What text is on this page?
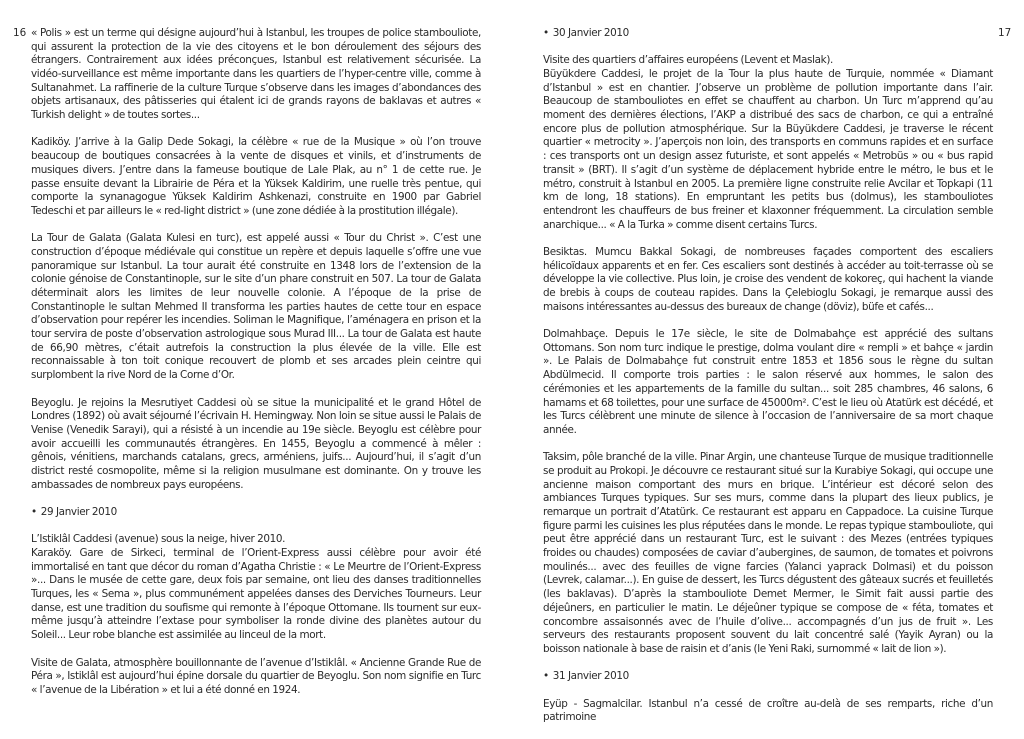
16 « Polis » est un terme qui désigne aujourd’hui à Istanbul, les troupes de police stambouliote, qui assurent la protection de la vie des citoyens et le bon déroulement des séjours des étrangers. Contrairement aux idées préconçues, Istanbul est relativement sécurisée. La vidéo-surveillance est même importante dans les quartiers de l’hyper-centre ville, comme à Sultanahmet. La raffinerie de la culture Turque s’observe dans les images d’abondances des objets artisanaux, des pâtisseries qui étalent ici de grands rayons de baklavas et autres « Turkish delight » de toutes sortes...

Kadiköy. J’arrive à la Galip Dede Sokagi, la célèbre « rue de la Musique » où l’on trouve beaucoup de boutiques consacrées à la vente de disques et vinils, et d’instruments de musiques divers. J’entre dans la fameuse boutique de Lale Plak, au n° 1 de cette rue. Je passe ensuite devant la Librairie de Péra et la Yüksek Kaldirim, une ruelle très pentue, qui comporte la synanagogue Yüksek Kaldirim Ashkenazi, construite en 1900 par Gabriel Tedeschi et par ailleurs le « red-light district » (une zone dédiée à la prostitution illégale).

La Tour de Galata (Galata Kulesi en turc), est appelé aussi « Tour du Christ ». C’est une construction d’époque médiévale qui constitue un repère et depuis laquelle s’offre une vue panoramique sur Istanbul. La tour aurait été construite en 1348 lors de l’extension de la colonie génoise de Constantinople, sur le site d’un phare construit en 507. La tour de Galata déterminait alors les limites de leur nouvelle colonie. A l’époque de la prise de Constantinople le sultan Mehmed II transforma les parties hautes de cette tour en espace d’observation pour repérer les incendies. Soliman le Magnifique, l’aménagera en prison et la tour servira de poste d’observation astrologique sous Murad III... La tour de Galata est haute de 66,90 mètres, c’était autrefois la construction la plus élevée de la ville. Elle est reconnaissable à ton toit conique recouvert de plomb et ses arcades plein ceintre qui surplombent la rive Nord de la Corne d’Or.

Beyoglu. Je rejoins la Mesrutiyet Caddesi où se situe la municipalité et le grand Hôtel de Londres (1892) où avait séjourné l’écrivain H. Hemingway. Non loin se situe aussi le Palais de Venise (Venedik Sarayi), qui a résisté à un incendie au 19e siècle. Beyoglu est célèbre pour avoir accueilli les communautés étrangères. En 1455, Beyoglu a commencé à mêler : gênois, vénitiens, marchands catalans, grecs, arméniens, juifs... Aujourd’hui, il s’agit d’un district resté cosmopolite, même si la religion musulmane est dominante. On y trouve les ambassades de nombreux pays européens.

• 29 Janvier 2010

L’Istiklâl Caddesi (avenue) sous la neige, hiver 2010.

Karaköy. Gare de Sirkeci, terminal de l’Orient-Express aussi célèbre pour avoir été immortalisé en tant que décor du roman d’Agatha Christie : « Le Meurtre de l’Orient-Express »... Dans le musée de cette gare, deux fois par semaine, ont lieu des danses traditionnelles Turques, les « Sema », plus communément appelées danses des Derviches Tourneurs. Leur danse, est une tradition du soufisme qui remonte à l’époque Ottomane. Ils tournent sur eux-même jusqu’à atteindre l’extase pour symboliser la ronde divine des planètes autour du Soleil... Leur robe blanche est assimilée au linceul de la mort.

Visite de Galata, atmosphère bouillonnante de l’avenue d’Istiklâl. « Ancienne Grande Rue de Péra », Istiklâl est aujourd’hui épine dorsale du quartier de Beyoglu. Son nom signifie en Turc « l’avenue de la Libération » et lui a été donné en 1924.

• 30 Janvier 2010

Visite des quartiers d’affaires européens (Levent et Maslak).

Büyükdere Caddesi, le projet de la Tour la plus haute de Turquie, nommée « Diamant d’Istanbul » est en chantier. J’observe un problème de pollution importante dans l’air. Beaucoup de stambouliotes en effet se chauffent au charbon. Un Turc m’apprend qu’au moment des dernières élections, l’AKP a distribué des sacs de charbon, ce qui a entraîné encore plus de pollution atmosphérique. Sur la Büyükdere Caddesi, je traverse le récent quartier « metrocity ». J’aperçois non loin, des transports en communs rapides et en surface : ces transports ont un design assez futuriste, et sont appelés « Metrobüs » ou « bus rapid transit » (BRT). Il s’agit d’un système de déplacement hybride entre le métro, le bus et le métro, construit à Istanbul en 2005. La première ligne construite relie Avcilar et Topkapi (11 km de long, 18 stations). En empruntant les petits bus (dolmus), les stambouliotes entendront les chauffeurs de bus freiner et klaxonner fréquemment. La circulation semble anarchique... « A la Turka » comme disent certains Turcs.

Besiktas. Mumcu Bakkal Sokagi, de nombreuses façades comportent des escaliers hélicoïdaux apparents et en fer. Ces escaliers sont destinés à accéder au toit-terrasse où se développe la vie collective. Plus loin, je croise des vendent de kokoreç, qui hachent la viande de brebis à coups de couteau rapides. Dans la Çelebioglu Sokagi, je remarque aussi des maisons intéressantes au-dessus des bureaux de change (döviz), büfe et cafés...

Dolmahbaçe. Depuis le 17e siècle, le site de Dolmabahçe est apprécié des sultans Ottomans. Son nom turc indique le prestige, dolma voulant dire « rempli » et bahçe « jardin ». Le Palais de Dolmabahçe fut construit entre 1853 et 1856 sous le règne du sultan Abdülmecid. Il comporte trois parties : le salon réservé aux hommes, le salon des cérémonies et les appartements de la famille du sultan... soit 285 chambres, 46 salons, 6 hamams et 68 toilettes, pour une surface de 45000m². C’est le lieu où Atatürk est décédé, et les Turcs célèbrent une minute de silence à l’occasion de l’anniversaire de sa mort chaque année.

Taksim, pôle branché de la ville. Pinar Argin, une chanteuse Turque de musique traditionnelle se produit au Prokopi. Je découvre ce restaurant situé sur la Kurabiye Sokagi, qui occupe une ancienne maison comportant des murs en brique. L’intérieur est décoré selon des ambiances Turques typiques. Sur ses murs, comme dans la plupart des lieux publics, je remarque un portrait d’Atatürk. Ce restaurant est apparu en Cappadoce. La cuisine Turque figure parmi les cuisines les plus réputées dans le monde. Le repas typique stambouliote, qui peut être apprécié dans un restaurant Turc, est le suivant : des Mezes (entrées typiques froides ou chaudes) composées de caviar d’aubergines, de saumon, de tomates et poivrons moulinés... avec des feuilles de vigne farcies (Yalanci yaprack Dolmasi) et du poisson (Levrek, calamar...). En guise de dessert, les Turcs dégustent des gâteaux sucrés et feuilletés (les baklavas). D’après la stambouliote Demet Mermer, le Simit fait aussi partie des déjeûners, en particulier le matin. Le déjeûner typique se compose de « féta, tomates et concombre assaisonnés avec de l’huile d’olive... accompagnés d’un jus de fruit ». Les serveurs des restaurants proposent souvent du lait concentré salé (Yayik Ayran) ou la boisson nationale à base de raisin et d’anis (le Yeni Raki, surnommé « lait de lion »).

• 31 Janvier 2010

Eyüp - Sagmalcilar. Istanbul n’a cessé de croître au-delà de ses remparts, riche d’un patrimoine

17
